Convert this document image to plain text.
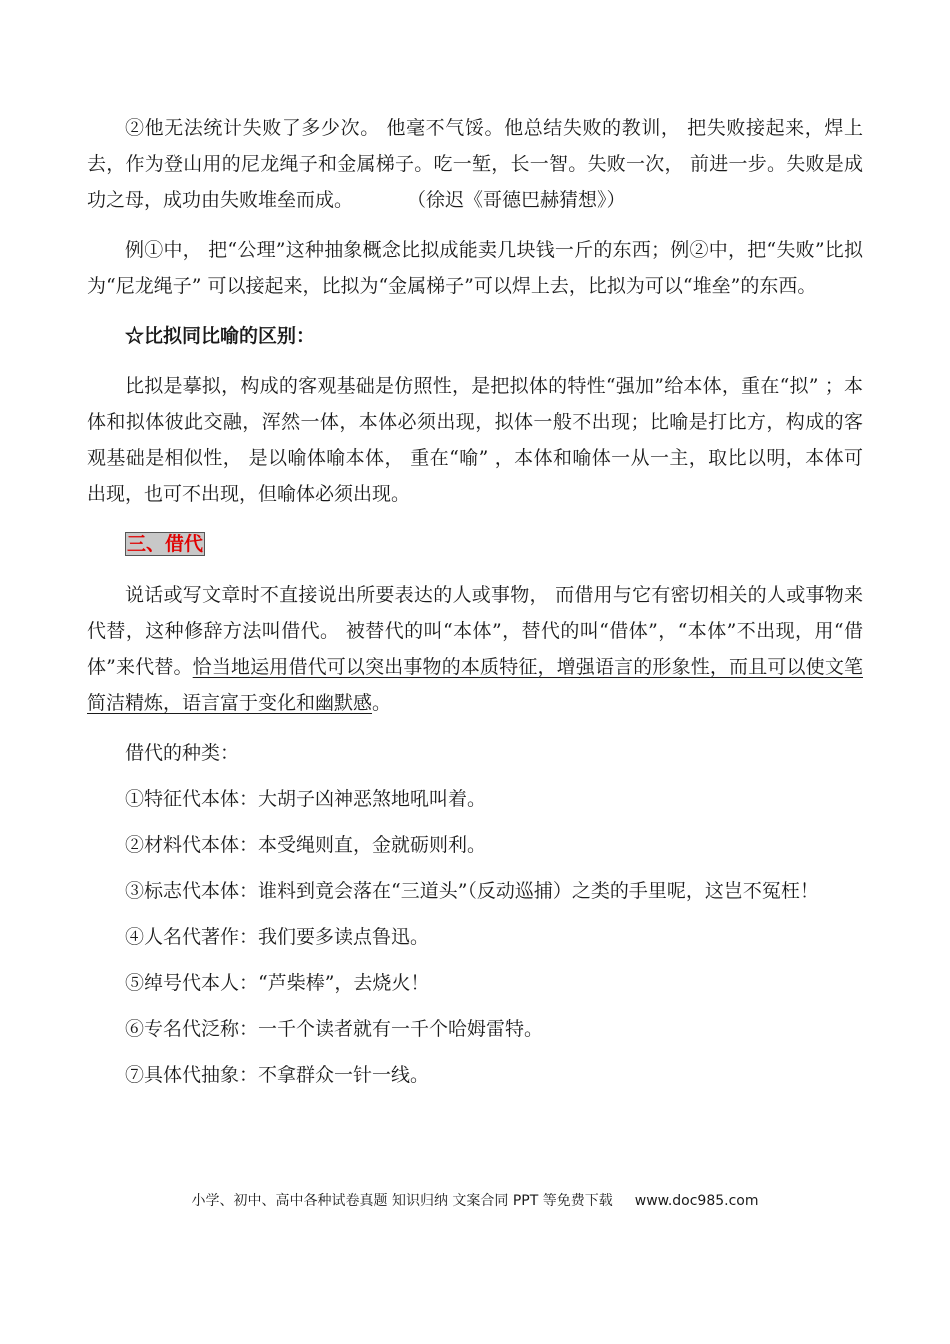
②他无法统计失败了多少次。 他毫不气馁。他总结失败的教训， 把失败接起来，焊上去，作为登山用的尼龙绳子和金属梯子。吃一堑，长一智。失败一次， 前进一步。失败是成功之母，成功由失败堆垒而成。	（徐迟《哥德巴赫猜想》）

例①中， 把“公理”这种抽象概念比拟成能卖几块钱一斤的东西；例②中，把“失败”比拟为“尼龙绳子” 可以接起来，比拟为“金属梯子”可以焊上去，比拟为可以“堆垒”的东西。

☆比拟同比喻的区别：

比拟是摹拟，构成的客观基础是仿照性，是把拟体的特性“强加”给本体，重在“拟” ；本体和拟体彼此交融，浑然一体，本体必须出现，拟体一般不出现；比喻是打比方，构成的客观基础是相似性， 是以喻体喻本体， 重在“喻” ，本体和喻体一从一主，取比以明，本体可出现，也可不出现，但喻体必须出现。

三、借代

说话或写文章时不直接说出所要表达的人或事物， 而借用与它有密切相关的人或事物来代替，这种修辞方法叫借代。 被替代的叫“本体”，替代的叫“借体”，“本体”不出现，用“借体”来代替。恰当地运用借代可以突出事物的本质特征，增强语言的形象性，而且可以使文笔简洁精炼，语言富于变化和幽默感。

借代的种类：

①特征代本体：大胡子凶神恶煞地吼叫着。

②材料代本体：本受绳则直，金就砺则利。

③标志代本体：谁料到竟会落在“三道头”（反动巡捕）之类的手里呢，这岂不冤枉！

④人名代著作：我们要多读点鲁迅。

⑤绰号代本人：“芦柴棒”，去烧火！

⑥专名代泛称：一千个读者就有一千个哈姆雷特。

⑦具体代抽象：不拿群众一针一线。

小学、初中、高中各种试卷真题 知识归纳 文案合同 PPT 等免费下载 www.doc985.com
